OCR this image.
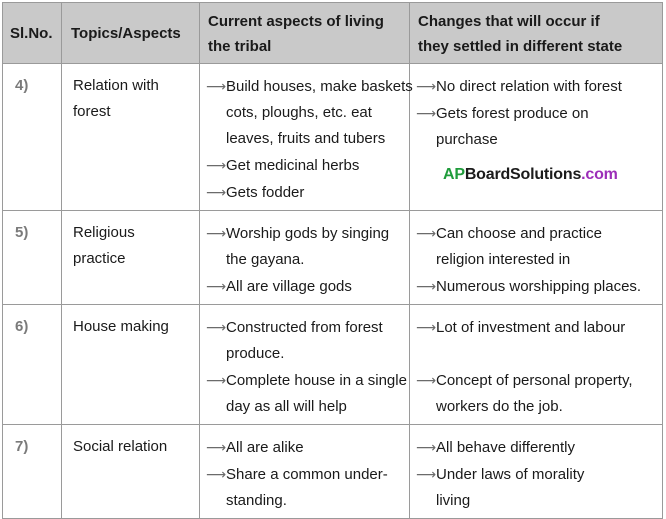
Sl.No.	Topics/Aspects	Current aspects of living
the tribal	Changes that will occur if
they settled in different state

4)	Relation with
forest	⟶Build houses, make baskets
cots, ploughs, etc. eat
leaves, fruits and tubers
⟶Get medicinal herbs
⟶Gets fodder	⟶No direct relation with forest
⟶Gets forest produce on
purchase

5)	Religious
practice	⟶Worship gods by singing
the gayana.
⟶All are village gods	⟶Can choose and practice
religion interested in
⟶Numerous worshipping places.

6)	House making	⟶Constructed from forest
produce.
⟶Complete house in a single
day as all will help	⟶Lot of investment and labour
⟶Concept of personal property,
workers do the job.

7)	Social relation	⟶All are alike
⟶Share a common under-
standing.	⟶All behave differently
⟶Under laws of morality
living
APBoardSolutions.com
